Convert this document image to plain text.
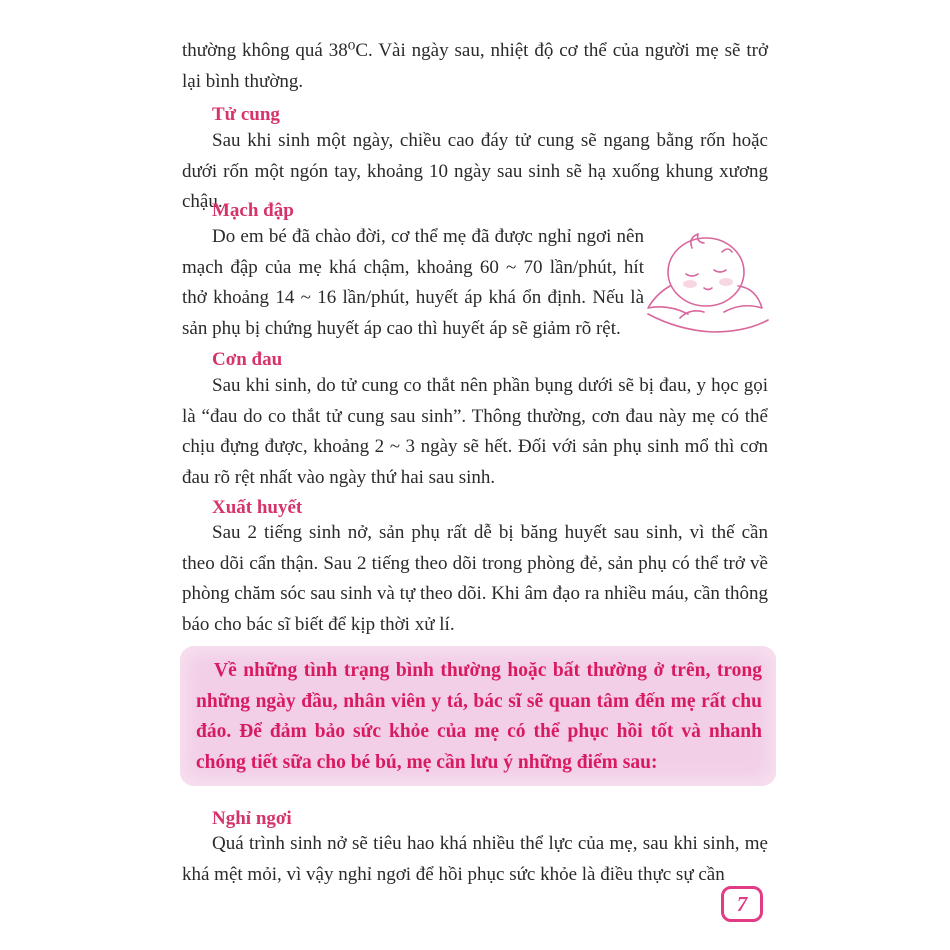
thường không quá 38⁰C. Vài ngày sau, nhiệt độ cơ thể của người mẹ sẽ trở lại bình thường.

Tử cung

Sau khi sinh một ngày, chiều cao đáy tử cung sẽ ngang bằng rốn hoặc dưới rốn một ngón tay, khoảng 10 ngày sau sinh sẽ hạ xuống khung xương chậu.

Mạch đập

Do em bé đã chào đời, cơ thể mẹ đã được nghỉ ngơi nên mạch đập của mẹ khá chậm, khoảng 60 ~ 70 lần/phút, hít thở khoảng 14 ~ 16 lần/phút, huyết áp khá ổn định. Nếu là sản phụ bị chứng huyết áp cao thì huyết áp sẽ giảm rõ rệt.

Cơn đau

Sau khi sinh, do tử cung co thắt nên phần bụng dưới sẽ bị đau, y học gọi là “đau do co thắt tử cung sau sinh”. Thông thường, cơn đau này mẹ có thể chịu đựng được, khoảng 2 ~ 3 ngày sẽ hết. Đối với sản phụ sinh mổ thì cơn đau rõ rệt nhất vào ngày thứ hai sau sinh.

Xuất huyết

Sau 2 tiếng sinh nở, sản phụ rất dễ bị băng huyết sau sinh, vì thế cần theo dõi cẩn thận. Sau 2 tiếng theo dõi trong phòng đẻ, sản phụ có thể trở về phòng chăm sóc sau sinh và tự theo dõi. Khi âm đạo ra nhiều máu, cần thông báo cho bác sĩ biết để kịp thời xử lí.

Về những tình trạng bình thường hoặc bất thường ở trên, trong những ngày đầu, nhân viên y tá, bác sĩ sẽ quan tâm đến mẹ rất chu đáo. Để đảm bảo sức khỏe của mẹ có thể phục hồi tốt và nhanh chóng tiết sữa cho bé bú, mẹ cần lưu ý những điểm sau:

Nghỉ ngơi

Quá trình sinh nở sẽ tiêu hao khá nhiều thể lực của mẹ, sau khi sinh, mẹ khá mệt mỏi, vì vậy nghỉ ngơi để hồi phục sức khỏe là điều thực sự cần

7
